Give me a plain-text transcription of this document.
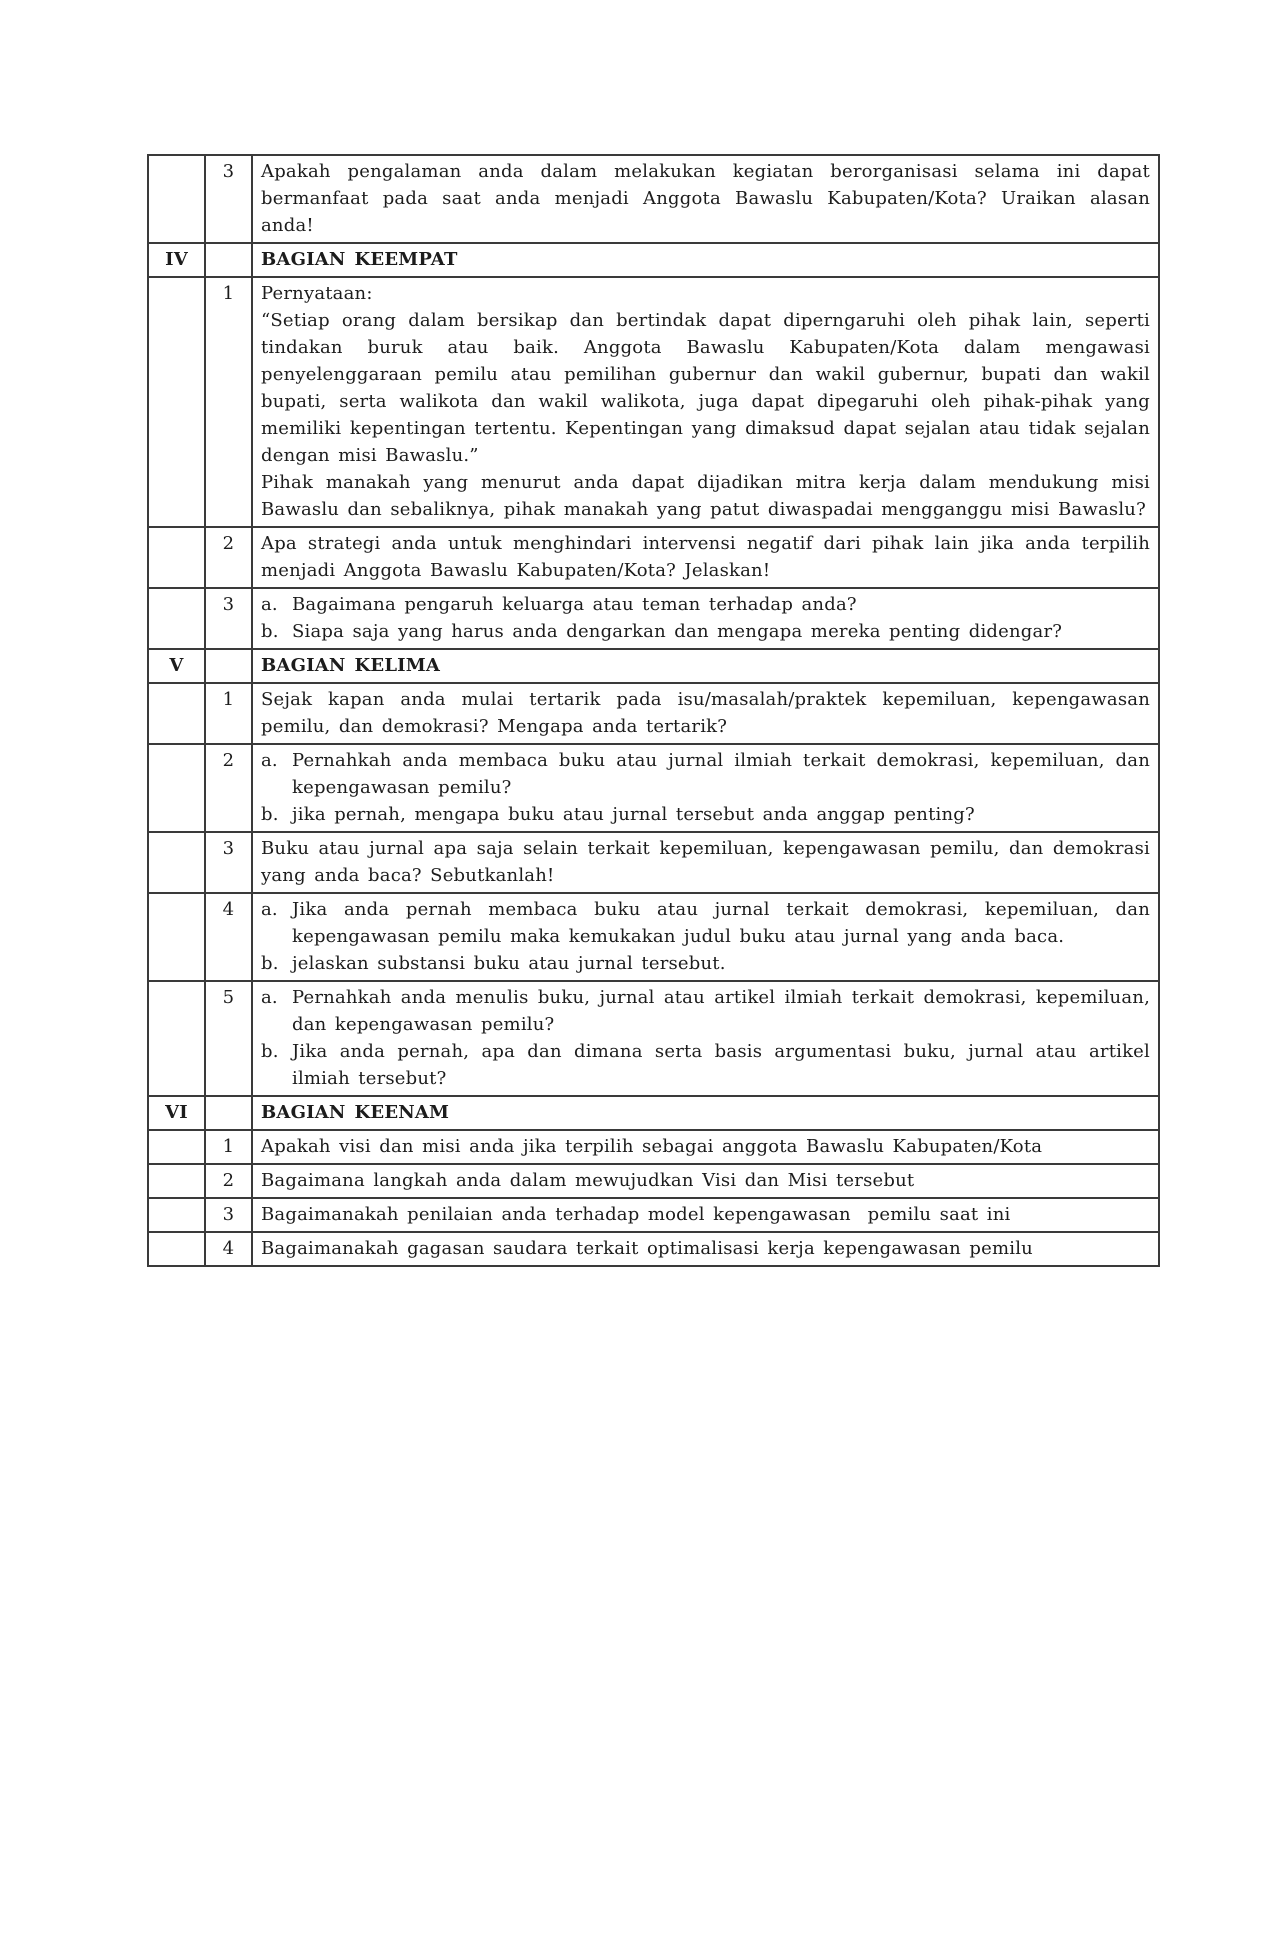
	3	Apakah pengalaman anda dalam melakukan kegiatan berorganisasi selama ini dapat bermanfaat pada saat anda menjadi Anggota Bawaslu Kabupaten/Kota? Uraikan alasan anda!

IV		BAGIAN KEEMPAT

	1	Pernyataan:
“Setiap orang dalam bersikap dan bertindak dapat diperngaruhi oleh pihak lain, seperti tindakan buruk atau baik. Anggota Bawaslu Kabupaten/Kota dalam mengawasi penyelenggaraan pemilu atau pemilihan gubernur dan wakil gubernur, bupati dan wakil bupati, serta walikota dan wakil walikota, juga dapat dipegaruhi oleh pihak-pihak yang memiliki kepentingan tertentu. Kepentingan yang dimaksud dapat sejalan atau tidak sejalan dengan misi Bawaslu.”
Pihak manakah yang menurut anda dapat dijadikan mitra kerja dalam mendukung misi Bawaslu dan sebaliknya, pihak manakah yang patut diwaspadai mengganggu misi Bawaslu?

	2	Apa strategi anda untuk menghindari intervensi negatif dari pihak lain jika anda terpilih menjadi Anggota Bawaslu Kabupaten/Kota? Jelaskan!

	3	a. Bagaimana pengaruh keluarga atau teman terhadap anda?
b. Siapa saja yang harus anda dengarkan dan mengapa mereka penting didengar?

V		BAGIAN KELIMA

	1	Sejak kapan anda mulai tertarik pada isu/masalah/praktek kepemiluan, kepengawasan pemilu, dan demokrasi? Mengapa anda tertarik?

	2	a. Pernahkah anda membaca buku atau jurnal ilmiah terkait demokrasi, kepemiluan, dan kepengawasan pemilu?
b. jika pernah, mengapa buku atau jurnal tersebut anda anggap penting?

	3	Buku atau jurnal apa saja selain terkait kepemiluan, kepengawasan pemilu, dan demokrasi yang anda baca? Sebutkanlah!

	4	a. Jika anda pernah membaca buku atau jurnal terkait demokrasi, kepemiluan, dan kepengawasan pemilu maka kemukakan judul buku atau jurnal yang anda baca.
b. jelaskan substansi buku atau jurnal tersebut.

	5	a. Pernahkah anda menulis buku, jurnal atau artikel ilmiah terkait demokrasi, kepemiluan, dan kepengawasan pemilu?
b. Jika anda pernah, apa dan dimana serta basis argumentasi buku, jurnal atau artikel ilmiah tersebut?

VI		BAGIAN KEENAM

	1	Apakah visi dan misi anda jika terpilih sebagai anggota Bawaslu Kabupaten/Kota

	2	Bagaimana langkah anda dalam mewujudkan Visi dan Misi tersebut

	3	Bagaimanakah penilaian anda terhadap model kepengawasan  pemilu saat ini

	4	Bagaimanakah gagasan saudara terkait optimalisasi kerja kepengawasan pemilu
